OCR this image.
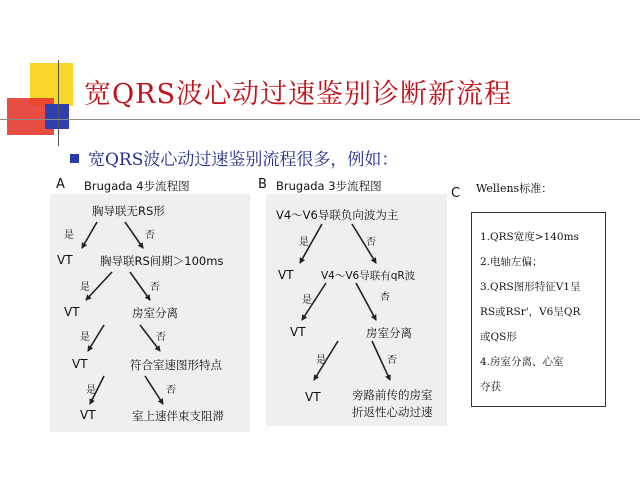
宽QRS波心动过速鉴别诊断新流程
宽QRS波心动过速鉴别流程很多，例如：
A Brugada 4步流程图
胸导联无RS形
是	否
VT 胸导联RS间期＞100ms
是	否
VT	房室分离
是	否
VT	符合室速图形特点
是	否
VT	室上速伴束支阻滞
B Brugada 3步流程图
V4～V6导联负向波为主
是	否
VT	V4～V6导联有qR波
是	杏
VT	房室分离
是	否
VT	旁路前传的房室
折返性心动过速
C Wellens标准：
1.QRS宽度>140ms
2.电轴左偏；
3.QRS图形特征V1呈
RS或RSr'，V6呈QR
或QS形
4.房室分离、心室
夺获
